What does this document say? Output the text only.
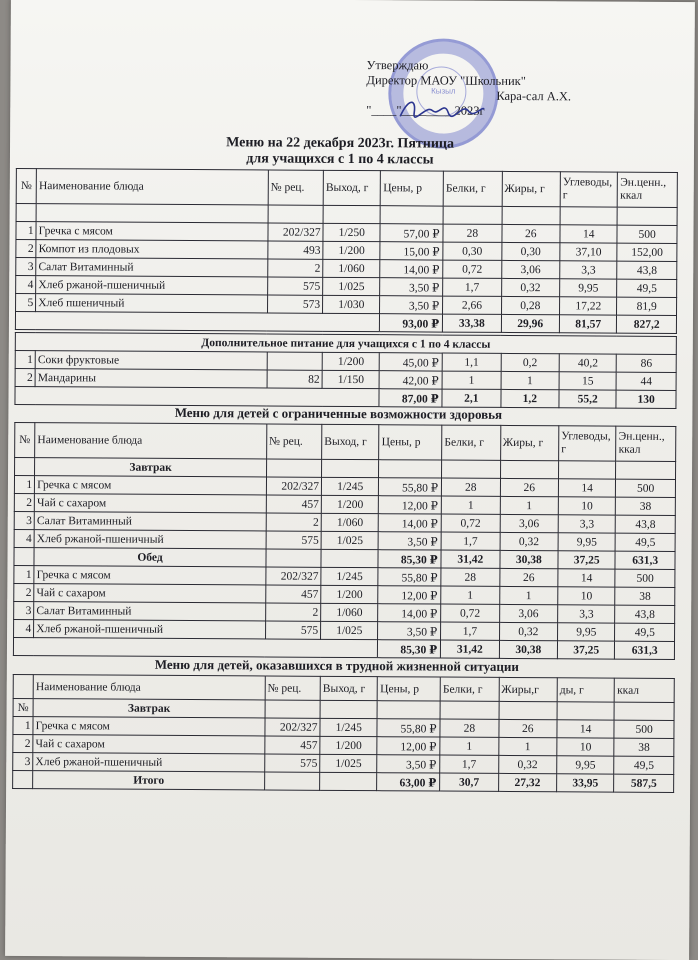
Кызыл
Утверждаю
Директор МАОУ "Школьник"
Кара-сал А.Х.
"____"________ 2023г
Меню на 22 декабря 2023г. Пятница
для учащихся с 1 по 4 классы
№	Наименование блюда	№ рец.	Выход, г	Цены, р	Белки, г	Жиры, г	Углеводы, г	Эн.ценн., ккал

1	Гречка с мясом	202/327	1/250	57,00 ₽	28	26	14	500
2	Компот из плодовых	493	1/200	15,00 ₽	0,30	0,30	37,10	152,00
3	Салат Витаминный	2	1/060	14,00 ₽	0,72	3,06	3,3	43,8
4	Хлеб ржаной-пшеничный	575	1/025	3,50 ₽	1,7	0,32	9,95	49,5
5	Хлеб пшеничный	573	1/030	3,50 ₽	2,66	0,28	17,22	81,9
				93,00 ₽	33,38	29,96	81,57	827,2
Дополнительное питание для учащихся с 1 по 4 классы								
1	Соки фруктовые		1/200	45,00 ₽	1,1	0,2	40,2	86
2	Мандарины	82	1/150	42,00 ₽	1	1	15	44
				87,00 ₽	2,1	1,2	55,2	130
Меню для детей с ограниченные возможности здоровья
№	Наименование блюда	№ рец.	Выход, г	Цены, р	Белки, г	Жиры, г	Углеводы, г	Эн.ценн., ккал
	Завтрак							
1	Гречка с мясом	202/327	1/245	55,80 ₽	28	26	14	500
2	Чай с сахаром	457	1/200	12,00 ₽	1	1	10	38
3	Салат Витаминный	2	1/060	14,00 ₽	0,72	3,06	3,3	43,8
4	Хлеб ржаной-пшеничный	575	1/025	3,50 ₽	1,7	0,32	9,95	49,5
	Обед			85,30 ₽	31,42	30,38	37,25	631,3
1	Гречка с мясом	202/327	1/245	55,80 ₽	28	26	14	500
2	Чай с сахаром	457	1/200	12,00 ₽	1	1	10	38
3	Салат Витаминный	2	1/060	14,00 ₽	0,72	3,06	3,3	43,8
4	Хлеб ржаной-пшеничный	575	1/025	3,50 ₽	1,7	0,32	9,95	49,5
				85,30 ₽	31,42	30,38	37,25	631,3
Меню для детей, оказавшихся в трудной жизненной ситуации
	Наименование блюда	№ рец.	Выход, г	Цены, р	Белки, г	Жиры,г	ды, г	ккал
№	Завтрак							
1	Гречка с мясом	202/327	1/245	55,80 ₽	28	26	14	500
2	Чай с сахаром	457	1/200	12,00 ₽	1	1	10	38
3	Хлеб ржаной-пшеничный	575	1/025	3,50 ₽	1,7	0,32	9,95	49,5
	Итого			63,00 ₽	30,7	27,32	33,95	587,5
